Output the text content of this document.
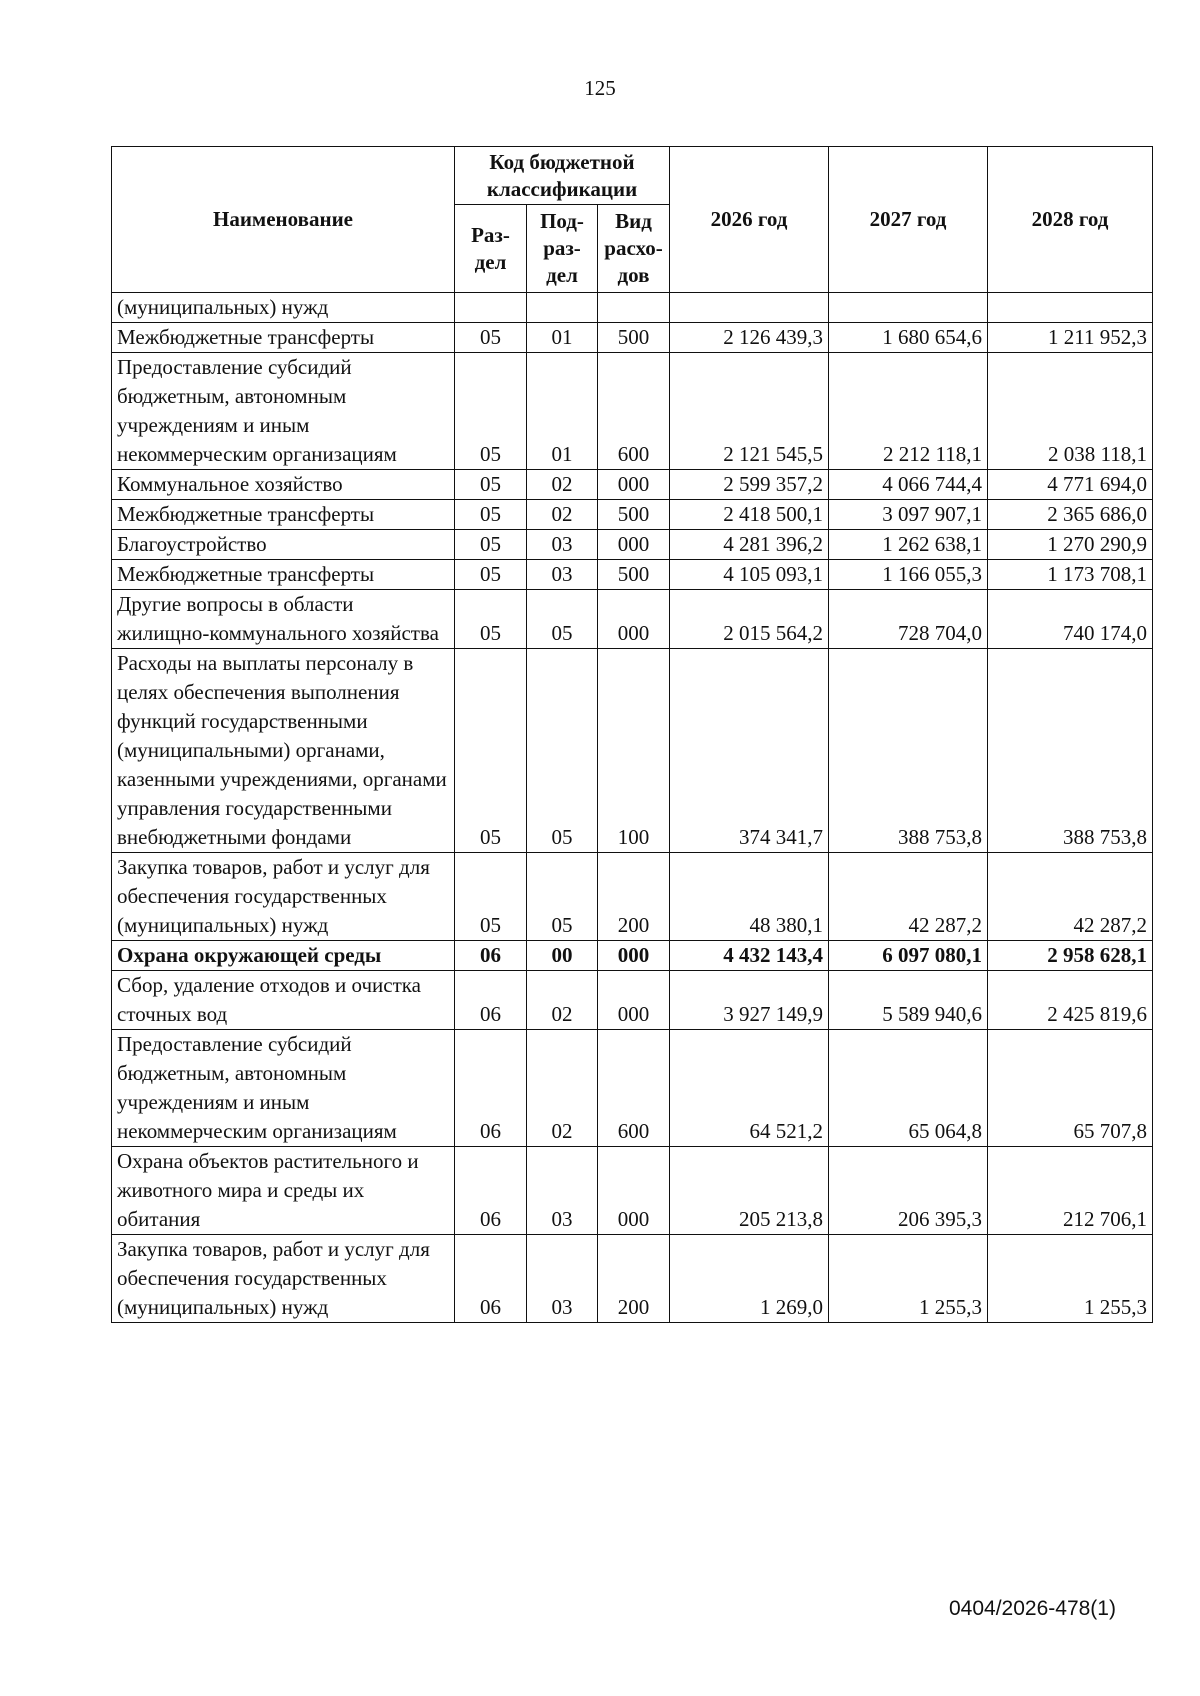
125
Наименование	Код бюджетной классификации			2026 год	2027 год	2028 год
	Раз- дел	Под- раз- дел	Вид расхо- дов			
(муниципальных) нужд						
Межбюджетные трансферты	05	01	500	2 126 439,3	1 680 654,6	1 211 952,3
Предоставление субсидий бюджетным, автономным учреждениям и иным некоммерческим организациям	05	01	600	2 121 545,5	2 212 118,1	2 038 118,1
Коммунальное хозяйство	05	02	000	2 599 357,2	4 066 744,4	4 771 694,0
Межбюджетные трансферты	05	02	500	2 418 500,1	3 097 907,1	2 365 686,0
Благоустройство	05	03	000	4 281 396,2	1 262 638,1	1 270 290,9
Межбюджетные трансферты	05	03	500	4 105 093,1	1 166 055,3	1 173 708,1
Другие вопросы в области жилищно-коммунального хозяйства	05	05	000	2 015 564,2	728 704,0	740 174,0
Расходы на выплаты персоналу в целях обеспечения выполнения функций государственными (муниципальными) органами, казенными учреждениями, органами управления государственными внебюджетными фондами	05	05	100	374 341,7	388 753,8	388 753,8
Закупка товаров, работ и услуг для обеспечения государственных (муниципальных) нужд	05	05	200	48 380,1	42 287,2	42 287,2
Охрана окружающей среды	06	00	000	4 432 143,4	6 097 080,1	2 958 628,1
Сбор, удаление отходов и очистка сточных вод	06	02	000	3 927 149,9	5 589 940,6	2 425 819,6
Предоставление субсидий бюджетным, автономным учреждениям и иным некоммерческим организациям	06	02	600	64 521,2	65 064,8	65 707,8
Охрана объектов растительного и животного мира и среды их обитания	06	03	000	205 213,8	206 395,3	212 706,1
Закупка товаров, работ и услуг для обеспечения государственных (муниципальных) нужд	06	03	200	1 269,0	1 255,3	1 255,3
0404/2026-478(1)
